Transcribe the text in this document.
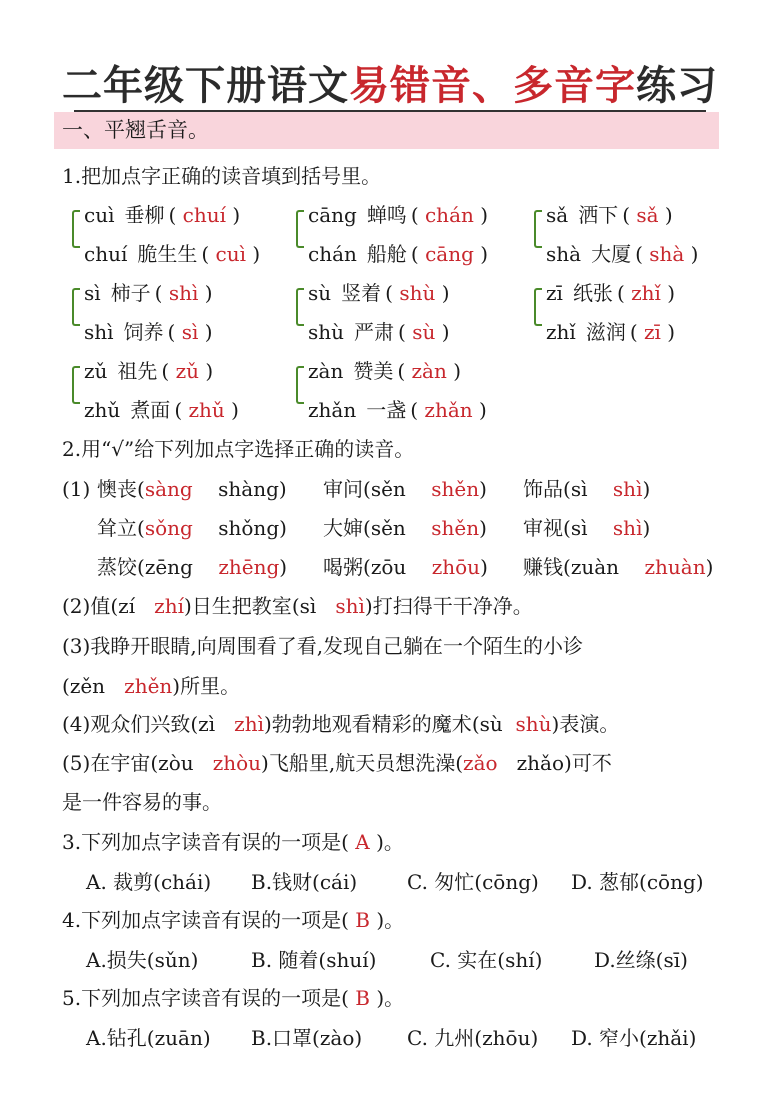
二年级下册语文易错音、多音字练习
一、平翘舌音。
1.把加点字正确的读音填到括号里。
cuì 垂柳 ( chuí )
chuí 脆生生 ( cuì )
cāng 蝉鸣 ( chán )
chán 船舱 ( cāng )
sǎ 洒下 ( sǎ )
shà 大厦 ( shà )
sì 柿子 ( shì )
shì 饲养 ( sì )
sù 竖着 ( shù )
shù 严肃 ( sù )
zī 纸张 ( zhǐ )
zhǐ 滋润 ( zī )
zǔ 祖先 ( zǔ )
zhǔ 煮面 ( zhǔ )
zàn 赞美 ( zàn )
zhǎn 一盏 ( zhǎn )
2.用“√”给下列加点字选择正确的读音。
(1) 懊丧(sàng shàng) 审问(sěn shěn) 饰品(sì shì)
耸立(sǒng shǒng) 大婶(sěn shěn) 审视(sì shì)
蒸饺(zēng zhēng) 喝粥(zōu zhōu) 赚钱(zuàn zhuàn)
(2)值(zí zhí)日生把教室(sì shì)打扫得干干净净。
(3)我睁开眼睛,向周围看了看,发现自己躺在一个陌生的小诊
(zěn zhěn)所里。
(4)观众们兴致(zì zhì)勃勃地观看精彩的魔术(sù shù)表演。
(5)在宇宙(zòu zhòu)飞船里,航天员想洗澡(zǎo zhǎo)可不
是一件容易的事。
3.下列加点字读音有误的一项是( A )。
A. 裁剪(chái) B.钱财(cái) C. 匆忙(cōng) D. 葱郁(cōng)
4.下列加点字读音有误的一项是( B )。
A.损失(sǔn)	B. 随着(shuí)	C. 实在(shí)	D.丝绦(sī)
5.下列加点字读音有误的一项是( B )。
A.钻孔(zuān) B.口罩(zào) C. 九州(zhōu) D. 窄小(zhǎi)
